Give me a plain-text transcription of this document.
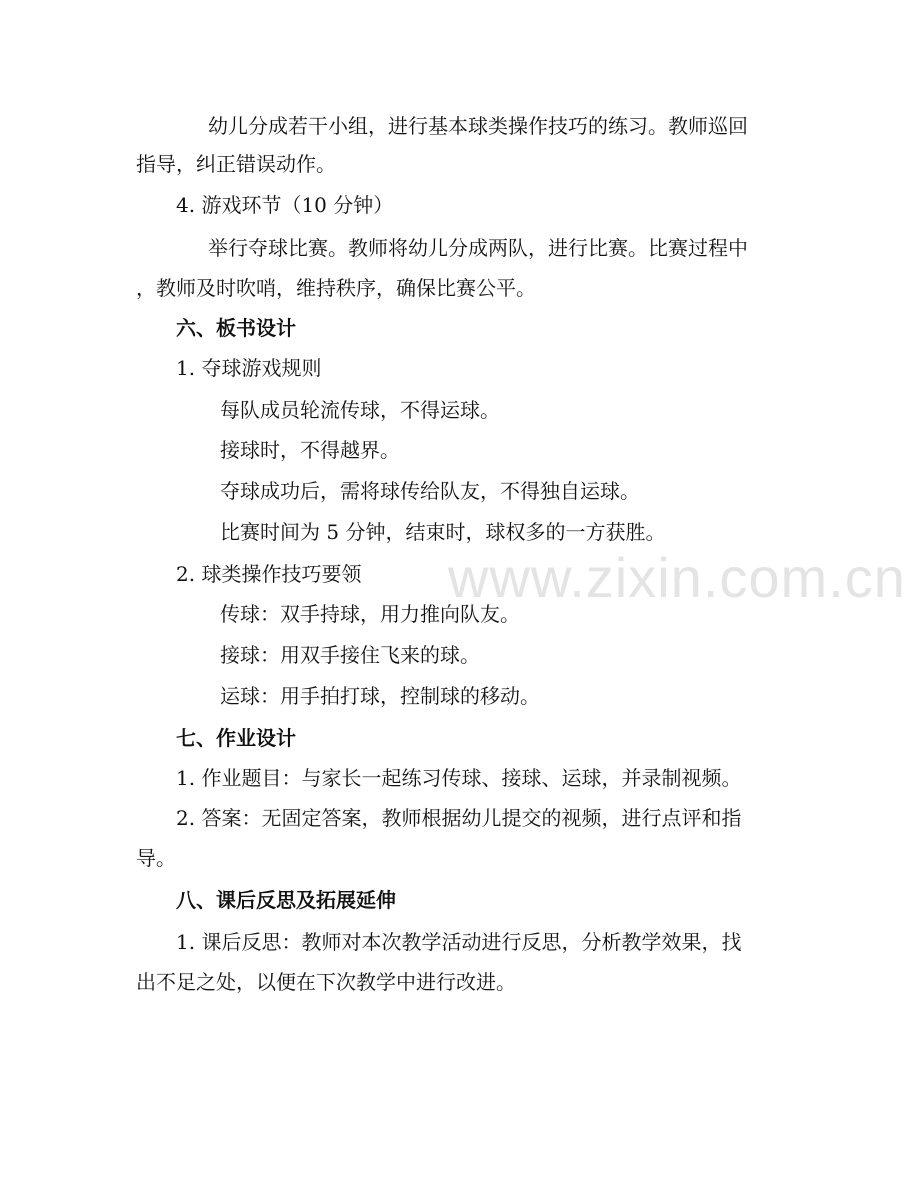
www.zixin.com.cn
幼儿分成若干小组，进行基本球类操作技巧的练习。教师巡回
指导，纠正错误动作。
4. 游戏环节（10 分钟）
举行夺球比赛。教师将幼儿分成两队，进行比赛。比赛过程中
，教师及时吹哨，维持秩序，确保比赛公平。
六、板书设计
1. 夺球游戏规则
每队成员轮流传球，不得运球。
接球时，不得越界。
夺球成功后，需将球传给队友，不得独自运球。
比赛时间为 5 分钟，结束时，球权多的一方获胜。
2. 球类操作技巧要领
传球：双手持球，用力推向队友。
接球：用双手接住飞来的球。
运球：用手拍打球，控制球的移动。
七、作业设计
1. 作业题目：与家长一起练习传球、接球、运球，并录制视频。
2. 答案：无固定答案，教师根据幼儿提交的视频，进行点评和指
导。
八、课后反思及拓展延伸
1. 课后反思：教师对本次教学活动进行反思，分析教学效果，找
出不足之处，以便在下次教学中进行改进。
